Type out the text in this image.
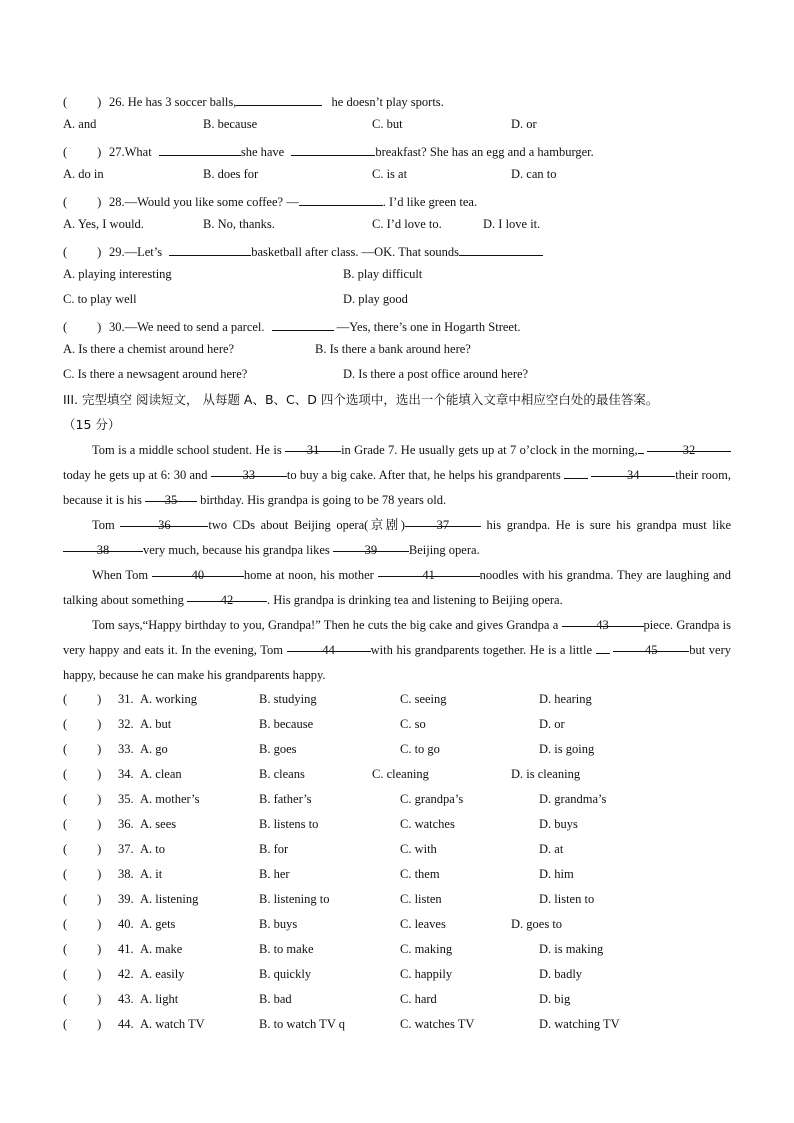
( ) 26. He has 3 soccer balls,	he doesn’t play sports.
A. and	B. because	C. but	D. or
( ) 27.What	she have	breakfast? She has an egg and a hamburger.
A. do in	B. does for	C. is at	D. can to
( ) 28.—Would you like some coffee? —	. I’d like green tea.
A. Yes, I would.	B. No, thanks.	C. I’d love to.	D. I love it.
( ) 29.—Let’s	basketball after class. —OK. That sounds
A. playing interesting	B. play difficult
C. to play well	D. play good
( ) 30.—We need to send a parcel.	—Yes, there’s one in Hogarth Street.
A. Is there a chemist around here?	B. Is there a bank around here?
C. Is there a newsagent around here?	D. Is there a post office around here?
III. 完型填空 阅读短文， 从每题 A、B、C、D 四个选项中，选出一个能填入文章中相应空白处的最佳答案。
（15 分）
Tom is a middle school student. He is 31 in Grade 7. He usually gets up at 7 o’clock in the morning,	32today he gets up at 6: 30 and	33	to buy a big cake. After that, he helps his grandparents	34	their room, because it is his 35 birthday. His grandpa is going to be 78 years old.
Tom	36	two CDs about Beijing opera(京剧)	37	his grandpa. He is sure his grandpa must like 38	very much, because his grandpa likes	39	Beijing opera.
When Tom	40	home at noon, his mother	41	noodles with his grandma. They are laughing and talking about something	42	. His grandpa is drinking tea and listening to Beijing opera.
Tom says,“Happy birthday to you, Grandpa!” Then he cuts the big cake and gives Grandpa a	43	piece. Grandpa is very happy and eats it. In the evening, Tom	44	with his grandparents together. He is a little	45	but very happy, because he can make his grandparents happy.
( ) 31. A. working	B. studying	C. seeing	D. hearing
( ) 32. A. but	B. because	C. so	D. or
( ) 33. A. go	B. goes	C. to go	D. is going
( ) 34. A. clean	B. cleans	C. cleaning	D. is cleaning
( ) 35. A. mother’s	B. father’s	C. grandpa’s	D. grandma’s
( ) 36. A. sees	B. listens to	C. watches	D. buys
( ) 37. A. to	B. for	C. with	D. at
( ) 38. A. it	B. her	C. them	D. him
( ) 39. A. listening	B. listening to	C. listen	D. listen to
( ) 40. A. gets	B. buys	C. leaves	D. goes to
( ) 41. A. make	B. to make	C. making	D. is making
( ) 42. A. easily	B. quickly	C. happily	D. badly
( ) 43. A. light	B. bad	C. hard	D. big
( ) 44. A. watch TV	B. to watch TV q	C. watches TV	D. watching TV
